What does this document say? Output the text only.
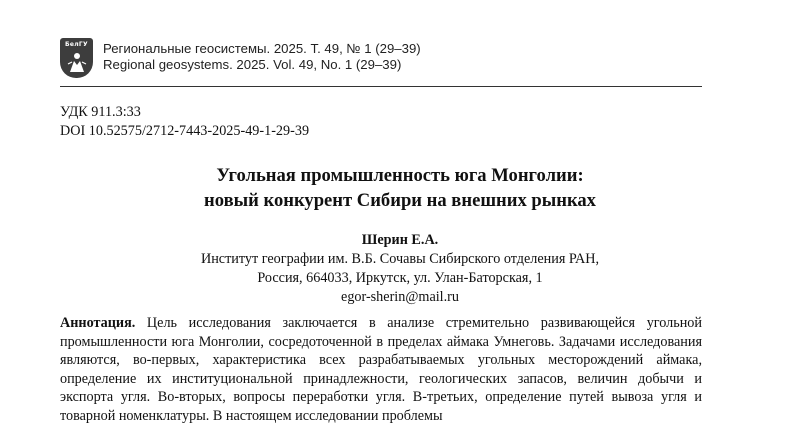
БелГУ Региональные геосистемы. 2025. Т. 49, № 1 (29–39)
Regional geosystems. 2025. Vol. 49, No. 1 (29–39)
УДК 911.3:33
DOI 10.52575/2712-7443-2025-49-1-29-39
Угольная промышленность юга Монголии:
новый конкурент Сибири на внешних рынках
Шерин Е.А.
Институт географии им. В.Б. Сочавы Сибирского отделения РАН,
Россия, 664033, Иркутск, ул. Улан-Баторская, 1
egor-sherin@mail.ru
Аннотация. Цель исследования заключается в анализе стремительно развивающейся угольной промышленности юга Монголии, сосредоточенной в пределах аймака Умнеговь. Задачами исследования являются, во-первых, характеристика всех разрабатываемых угольных месторождений аймака, определение их институциональной принадлежности, геологических запасов, величин добычи и экспорта угля. Во-вторых, вопросы переработки угля. В-третьих, определение путей вывоза угля и товарной номенклатуры. В настоящем исследовании проблемы
